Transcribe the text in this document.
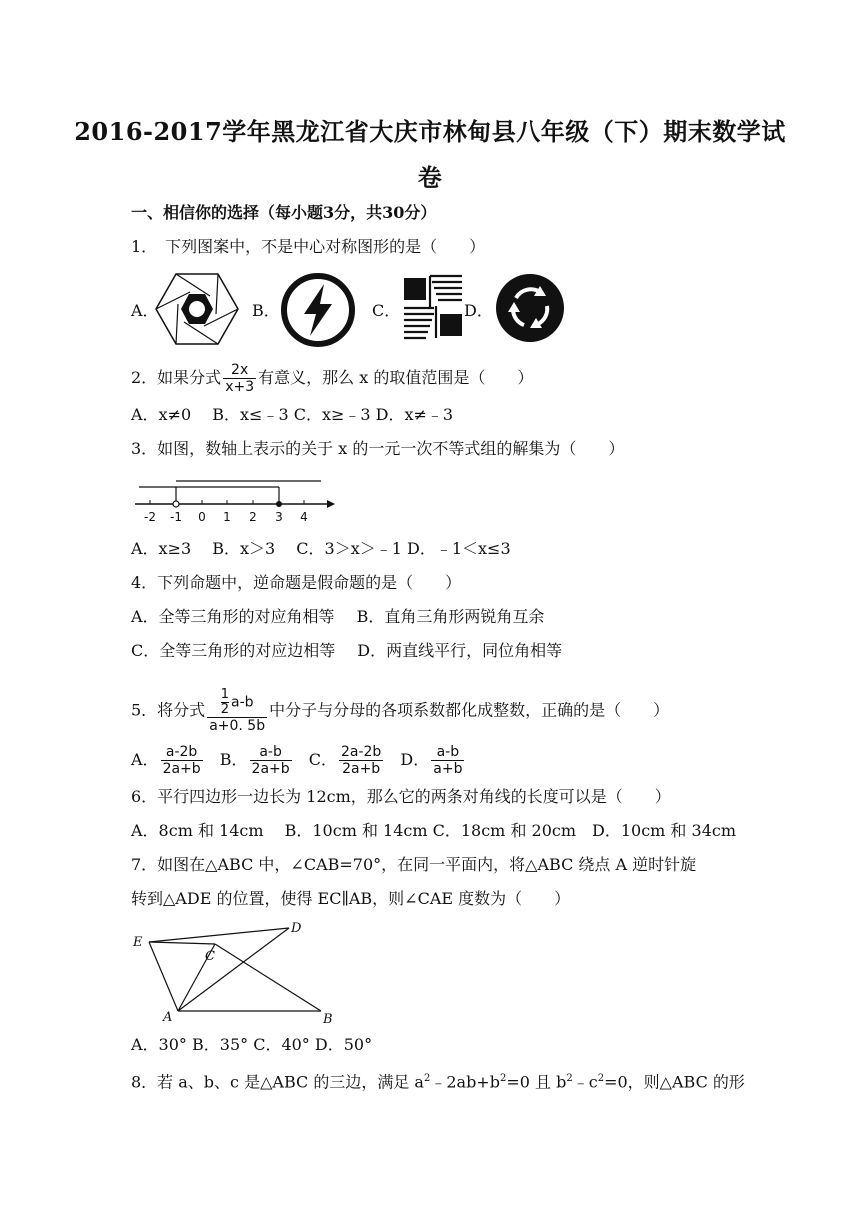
2016-2017学年黑龙江省大庆市林甸县八年级（下）期末数学试
卷
一、相信你的选择（每小题3分，共30分）
1．　下列图案中，不是中心对称图形的是（　　）
A．	B．	C．	D．
2．如果分式 $\frac{2x}{x+3}$ 有意义，那么 x 的取值范围是（　　）
A．x≠0　 B．x≤﹣3 C．x≥﹣3 D．x≠﹣3
3．如图，数轴上表示的关于 x 的一元一次不等式组的解集为（　　）
-2 -1 0 1 2 3 4
A．x≥3　 B．x＞3　 C．3＞x＞﹣1 D．﹣1＜x≤3
4．下列命题中，逆命题是假命题的是（　　）
A．全等三角形的对应角相等 B．直角三角形两锐角互余
C．全等三角形的对应边相等 D．两直线平行，同位角相等
5．将分式 $\frac{\frac{1}{2} a-b}{a+0. 5b}$ 中分子与分母的各项系数都化成整数，正确的是（　　）
A． $\frac{a-2b}{2a+b}$ B． $\frac{a-b}{2a+b}$ C． $\frac{2a-2b}{2a+b}$ D． $\frac{a-b}{a+b}$
6．平行四边形一边长为 12cm，那么它的两条对角线的长度可以是（　　）
A．8cm 和 14cm　 B．10cm 和 14cm C．18cm 和 20cm　D．10cm 和 34cm
7．如图在△ABC 中，∠CAB=70°，在同一平面内，将△ABC 绕点 A 逆时针旋
转到△ADE 的位置，使得 EC∥AB，则∠CAE 度数为（　　）
E
C
D
A	B
A．30° B．35° C．40° D．50°
8．若 a、b、c 是△ABC 的三边，满足 $a^2﹣2ab+b^2=0$ 且 $b^2﹣c^2=0$，则△ABC 的形
